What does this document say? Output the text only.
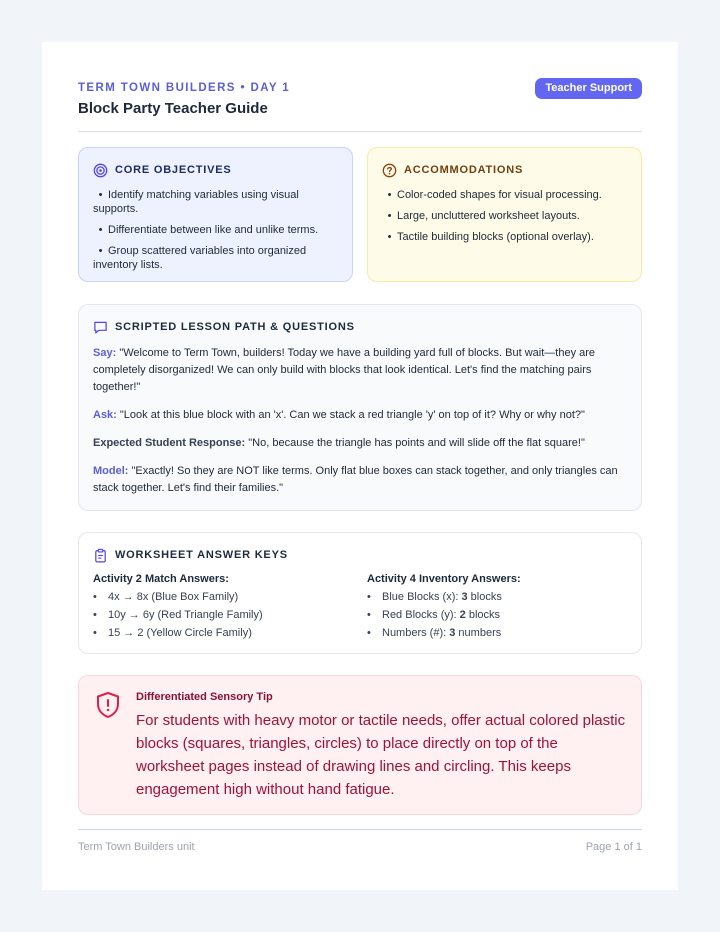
TERM TOWN BUILDERS • DAY 1
Block Party Teacher Guide
Teacher Support
CORE OBJECTIVES
• Identify matching variables using visual supports.
• Differentiate between like and unlike terms.
• Group scattered variables into organized inventory lists.
ACCOMMODATIONS
• Color-coded shapes for visual processing.
• Large, uncluttered worksheet layouts.
• Tactile building blocks (optional overlay).
SCRIPTED LESSON PATH & QUESTIONS
Say: "Welcome to Term Town, builders! Today we have a building yard full of blocks. But wait—they are completely disorganized! We can only build with blocks that look identical. Let's find the matching pairs together!"
Ask: "Look at this blue block with an 'x'. Can we stack a red triangle 'y' on top of it? Why or why not?"
Expected Student Response: "No, because the triangle has points and will slide off the flat square!"
Model: "Exactly! So they are NOT like terms. Only flat blue boxes can stack together, and only triangles can stack together. Let's find their families."
WORKSHEET ANSWER KEYS
Activity 2 Match Answers:
• 4x → 8x (Blue Box Family)
• 10y → 6y (Red Triangle Family)
• 15 → 2 (Yellow Circle Family)
Activity 4 Inventory Answers:
• Blue Blocks (x): 3 blocks
• Red Blocks (y): 2 blocks
• Numbers (#): 3 numbers
Differentiated Sensory Tip
For students with heavy motor or tactile needs, offer actual colored plastic blocks (squares, triangles, circles) to place directly on top of the worksheet pages instead of drawing lines and circling. This keeps engagement high without hand fatigue.
Term Town Builders unit	Page 1 of 1
